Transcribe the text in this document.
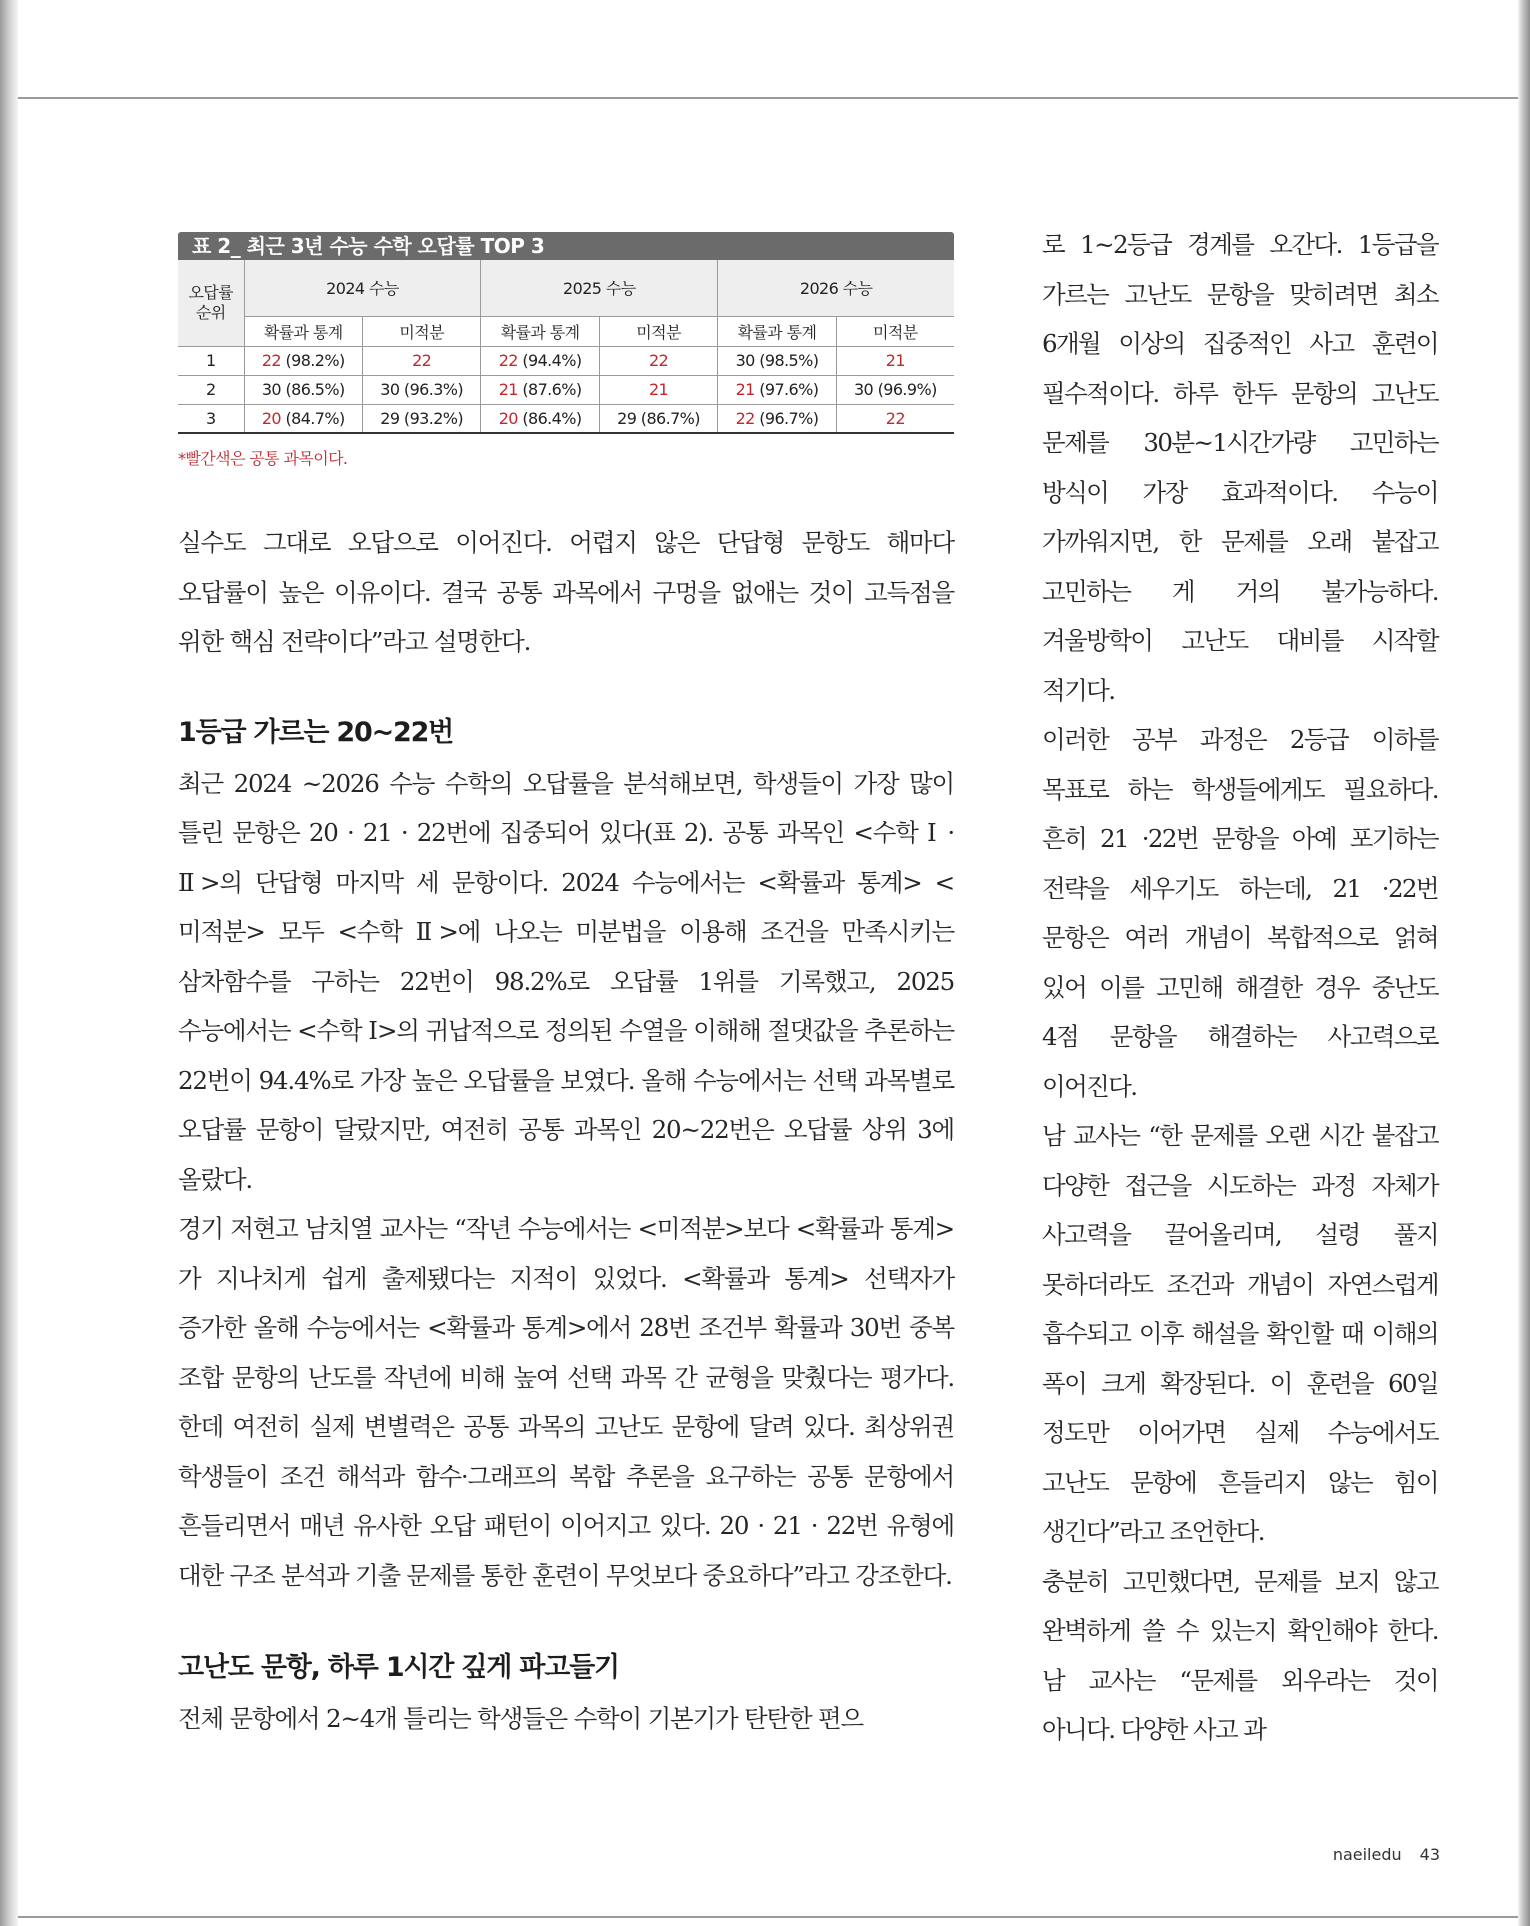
표 2_ 최근 3년 수능 수학 오답률 TOP 3
오답률
순위	2024 수능		2025 수능		2026 수능	
	확률과 통계	미적분	확률과 통계	미적분	확률과 통계	미적분
1	22 (98.2%)	22	22 (94.4%)	22	30 (98.5%)	21
2	30 (86.5%)	30 (96.3%)	21 (87.6%)	21	21 (97.6%)	30 (96.9%)
3	20 (84.7%)	29 (93.2%)	20 (86.4%)	29 (86.7%)	22 (96.7%)	22
*빨간색은 공통 과목이다.

실수도 그대로 오답으로 이어진다. 어렵지 않은 단답형 문항도 해마다 오답률이 높은 이유이다. 결국 공통 과목에서 구멍을 없애는 것이 고득점을 위한 핵심 전략이다”라고 설명한다.

1등급 가르는 20~22번

최근 2024 ~2026 수능 수학의 오답률을 분석해보면, 학생들이 가장 많이 틀린 문항은 20 · 21 · 22번에 집중되어 있다(표 2). 공통 과목인 <수학 Ⅰ · Ⅱ>의 단답형 마지막 세 문항이다. 2024 수능에서는 <확률과 통계> <미적분> 모두 <수학 Ⅱ>에 나오는 미분법을 이용해 조건을 만족시키는 삼차함수를 구하는 22번이 98.2%로 오답률 1위를 기록했고, 2025 수능에서는 <수학 Ⅰ>의 귀납적으로 정의된 수열을 이해해 절댓값을 추론하는 22번이 94.4%로 가장 높은 오답률을 보였다. 올해 수능에서는 선택 과목별로 오답률 문항이 달랐지만, 여전히 공통 과목인 20~22번은 오답률 상위 3에 올랐다.

경기 저현고 남치열 교사는 “작년 수능에서는 <미적분>보다 <확률과 통계>가 지나치게 쉽게 출제됐다는 지적이 있었다. <확률과 통계> 선택자가 증가한 올해 수능에서는 <확률과 통계>에서 28번 조건부 확률과 30번 중복 조합 문항의 난도를 작년에 비해 높여 선택 과목 간 균형을 맞췄다는 평가다. 한데 여전히 실제 변별력은 공통 과목의 고난도 문항에 달려 있다. 최상위권 학생들이 조건 해석과 함수·그래프의 복합 추론을 요구하는 공통 문항에서 흔들리면서 매년 유사한 오답 패턴이 이어지고 있다. 20 · 21 · 22번 유형에 대한 구조 분석과 기출 문제를 통한 훈련이 무엇보다 중요하다”라고 강조한다.

고난도 문항, 하루 1시간 깊게 파고들기

전체 문항에서 2~4개 틀리는 학생들은 수학이 기본기가 탄탄한 편으

로 1~2등급 경계를 오간다. 1등급을 가르는 고난도 문항을 맞히려면 최소 6개월 이상의 집중적인 사고 훈련이 필수적이다. 하루 한두 문항의 고난도 문제를 30분~1시간가량 고민하는 방식이 가장 효과적이다. 수능이 가까워지면, 한 문제를 오래 붙잡고 고민하는 게 거의 불가능하다. 겨울방학이 고난도 대비를 시작할 적기다.

이러한 공부 과정은 2등급 이하를 목표로 하는 학생들에게도 필요하다. 흔히 21 ·22번 문항을 아예 포기하는 전략을 세우기도 하는데, 21 ·22번 문항은 여러 개념이 복합적으로 얽혀 있어 이를 고민해 해결한 경우 중난도 4점 문항을 해결하는 사고력으로 이어진다.

남 교사는 “한 문제를 오랜 시간 붙잡고 다양한 접근을 시도하는 과정 자체가 사고력을 끌어올리며, 설령 풀지 못하더라도 조건과 개념이 자연스럽게 흡수되고 이후 해설을 확인할 때 이해의 폭이 크게 확장된다. 이 훈련을 60일 정도만 이어가면 실제 수능에서도 고난도 문항에 흔들리지 않는 힘이 생긴다”라고 조언한다.

충분히 고민했다면, 문제를 보지 않고 완벽하게 쓸 수 있는지 확인해야 한다. 남 교사는 “문제를 외우라는 것이 아니다. 다양한 사고 과

naeiledu 43
